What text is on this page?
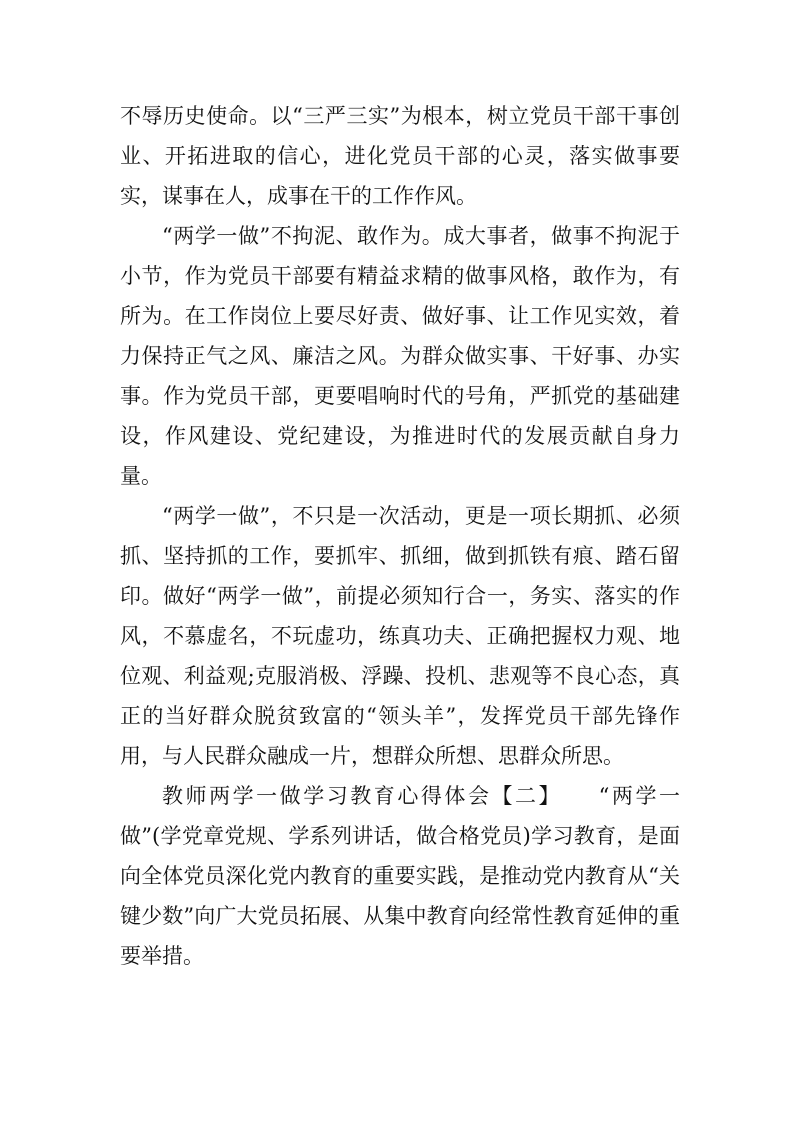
不辱历史使命。以“三严三实”为根本，树立党员干部干事创业、开拓进取的信心，进化党员干部的心灵，落实做事要实，谋事在人，成事在干的工作作风。

“两学一做”不拘泥、敢作为。成大事者，做事不拘泥于小节，作为党员干部要有精益求精的做事风格，敢作为，有所为。在工作岗位上要尽好责、做好事、让工作见实效，着力保持正气之风、廉洁之风。为群众做实事、干好事、办实事。作为党员干部，更要唱响时代的号角，严抓党的基础建设，作风建设、党纪建设，为推进时代的发展贡献自身力量。

“两学一做”，不只是一次活动，更是一项长期抓、必须抓、坚持抓的工作，要抓牢、抓细，做到抓铁有痕、踏石留印。做好“两学一做”，前提必须知行合一，务实、落实的作风，不慕虚名，不玩虚功，练真功夫、正确把握权力观、地位观、利益观;克服消极、浮躁、投机、悲观等不良心态，真正的当好群众脱贫致富的“领头羊”，发挥党员干部先锋作用，与人民群众融成一片，想群众所想、思群众所思。

教师两学一做学习教育心得体会【二】　　“两学一做”(学党章党规、学系列讲话，做合格党员)学习教育，是面向全体党员深化党内教育的重要实践，是推动党内教育从“关键少数”向广大党员拓展、从集中教育向经常性教育延伸的重要举措。
